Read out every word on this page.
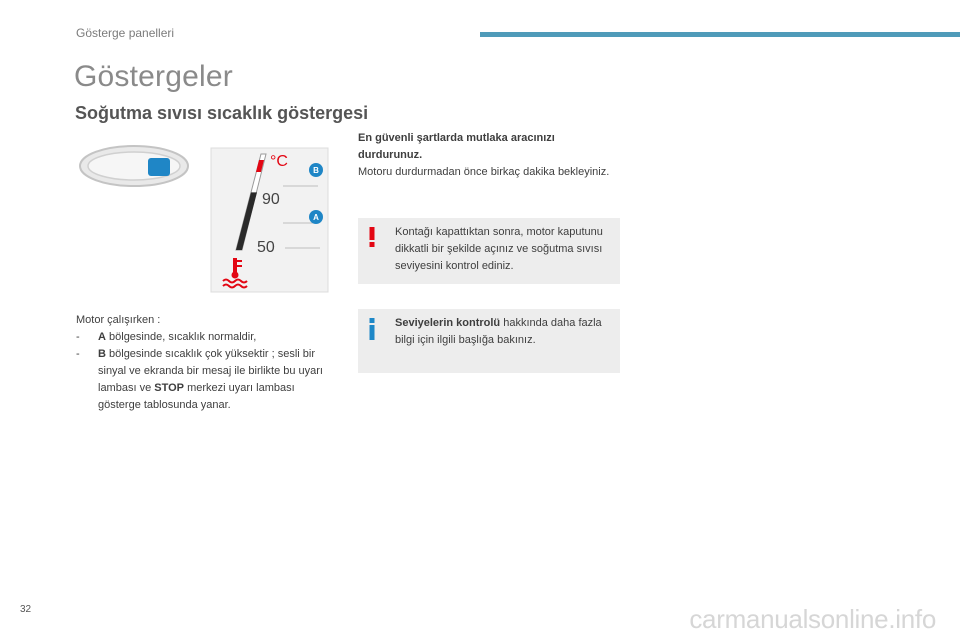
Gösterge panelleri
Göstergeler
Soğutma sıvısı sıcaklık göstergesi
°C
90
50
B
A
Motor çalışırken :
- A bölgesinde, sıcaklık normaldir,
- B bölgesinde sıcaklık çok yüksektir ; sesli bir sinyal ve ekranda bir mesaj ile birlikte bu uyarı lambası ve STOP merkezi uyarı lambası gösterge tablosunda yanar.
En güvenli şartlarda mutlaka aracınızı durdurunuz.
Motoru durdurmadan önce birkaç dakika bekleyiniz.
Kontağı kapattıktan sonra, motor kaputunu dikkatli bir şekilde açınız ve soğutma sıvısı seviyesini kontrol ediniz.
Seviyelerin kontrolü hakkında daha fazla bilgi için ilgili başlığa bakınız.
32	carmanualsonline.info
